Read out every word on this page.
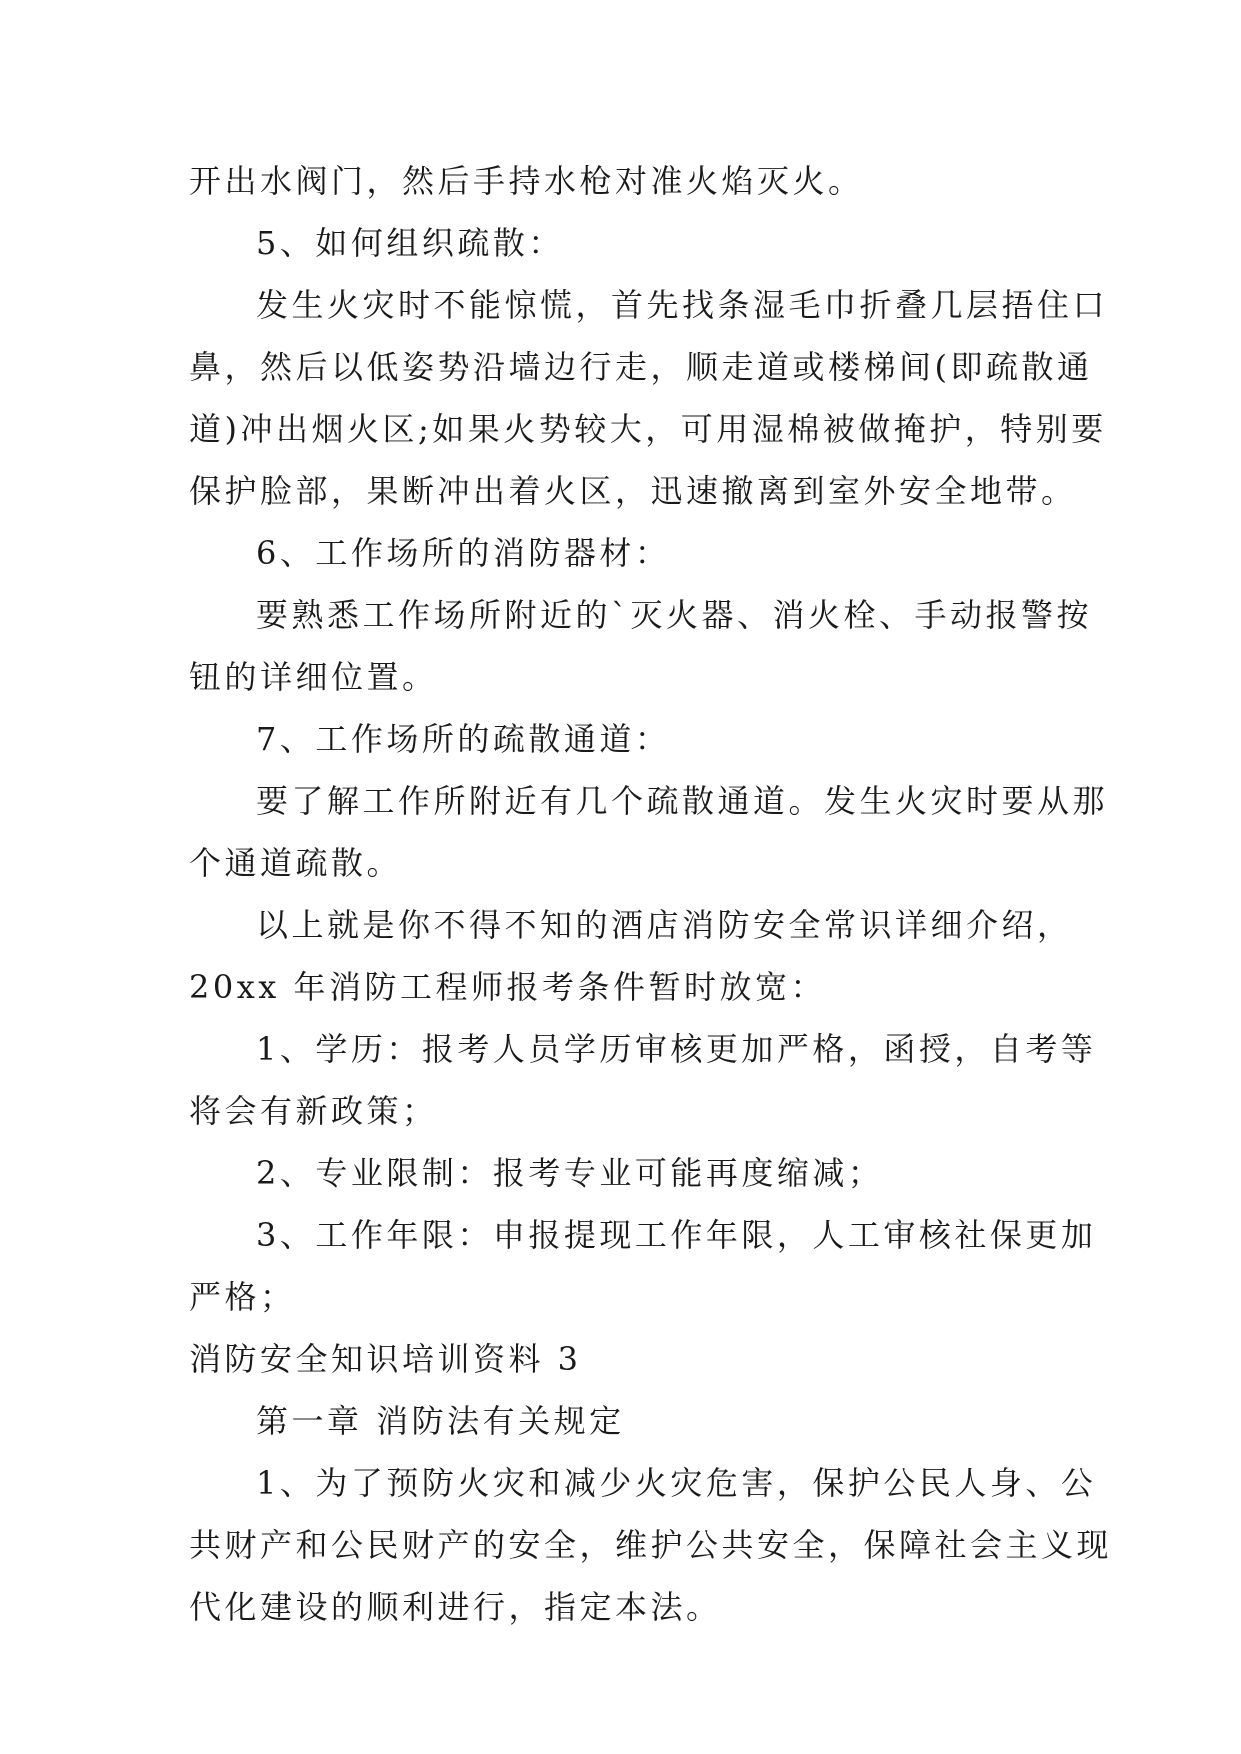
开出水阀门，然后手持水枪对准火焰灭火。
5、如何组织疏散：
发生火灾时不能惊慌，首先找条湿毛巾折叠几层捂住口
鼻，然后以低姿势沿墙边行走，顺走道或楼梯间(即疏散通
道)冲出烟火区;如果火势较大，可用湿棉被做掩护，特别要
保护脸部，果断冲出着火区，迅速撤离到室外安全地带。
6、工作场所的消防器材：
要熟悉工作场所附近的`灭火器、消火栓、手动报警按
钮的详细位置。
7、工作场所的疏散通道：
要了解工作所附近有几个疏散通道。发生火灾时要从那
个通道疏散。
以上就是你不得不知的酒店消防安全常识详细介绍，
20xx 年消防工程师报考条件暂时放宽：
1、学历：报考人员学历审核更加严格，函授，自考等
将会有新政策；
2、专业限制：报考专业可能再度缩减；
3、工作年限：申报提现工作年限，人工审核社保更加
严格；
消防安全知识培训资料 3
第一章 消防法有关规定
1、为了预防火灾和减少火灾危害，保护公民人身、公
共财产和公民财产的安全，维护公共安全，保障社会主义现
代化建设的顺利进行，指定本法。
